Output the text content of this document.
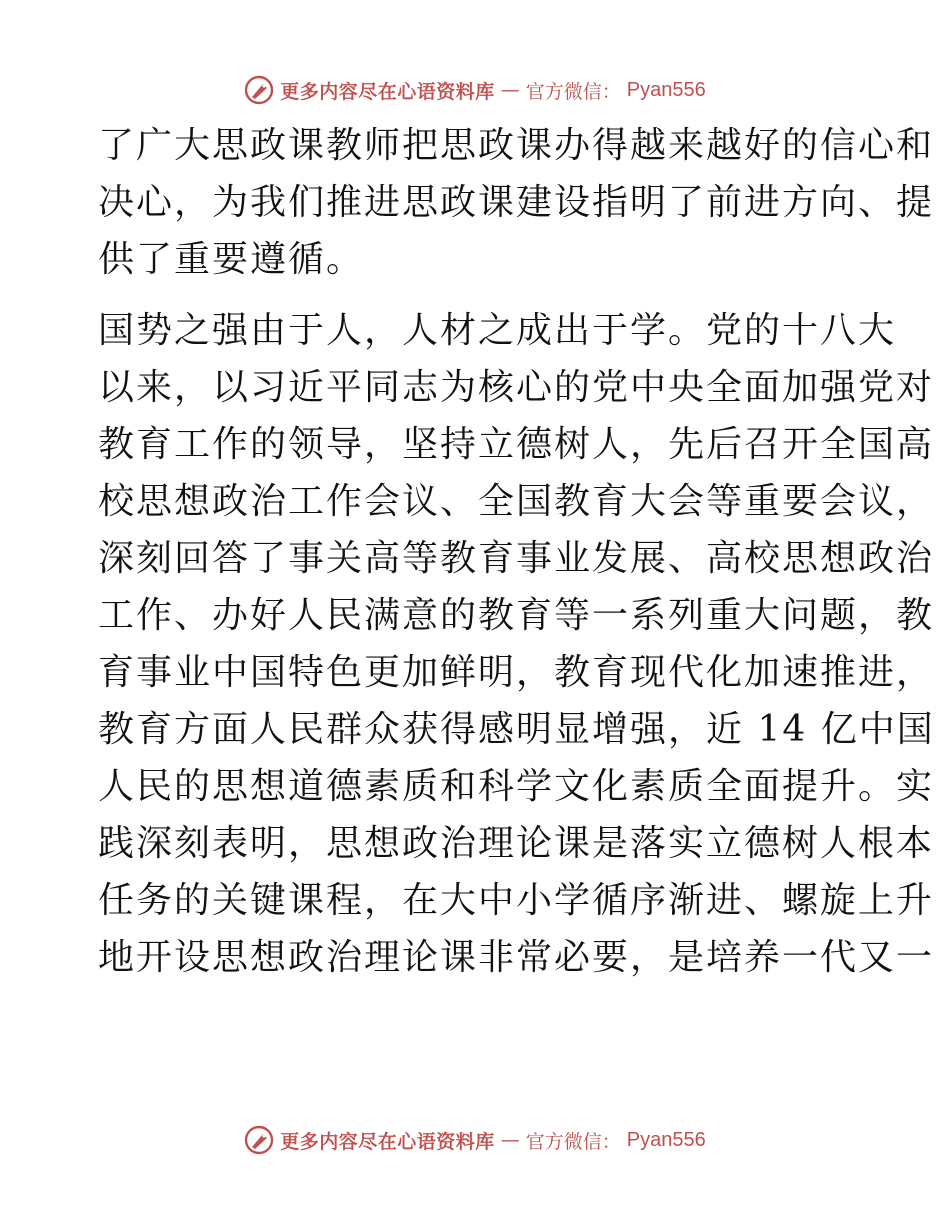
更多内容尽在心语资料库 — 官方微信： Pyan556
了广大思政课教师把思政课办得越来越好的信心和
决心，为我们推进思政课建设指明了前进方向、提
供了重要遵循。
国势之强由于人，人材之成出于学。党的十八大
以来，以习近平同志为核心的党中央全面加强党对
教育工作的领导，坚持立德树人，先后召开全国高
校思想政治工作会议、全国教育大会等重要会议，
深刻回答了事关高等教育事业发展、高校思想政治
工作、办好人民满意的教育等一系列重大问题，教
育事业中国特色更加鲜明，教育现代化加速推进，
教育方面人民群众获得感明显增强，近 14 亿中国
人民的思想道德素质和科学文化素质全面提升。实
践深刻表明，思想政治理论课是落实立德树人根本
任务的关键课程，在大中小学循序渐进、螺旋上升
地开设思想政治理论课非常必要，是培养一代又一
更多内容尽在心语资料库 — 官方微信： Pyan556
